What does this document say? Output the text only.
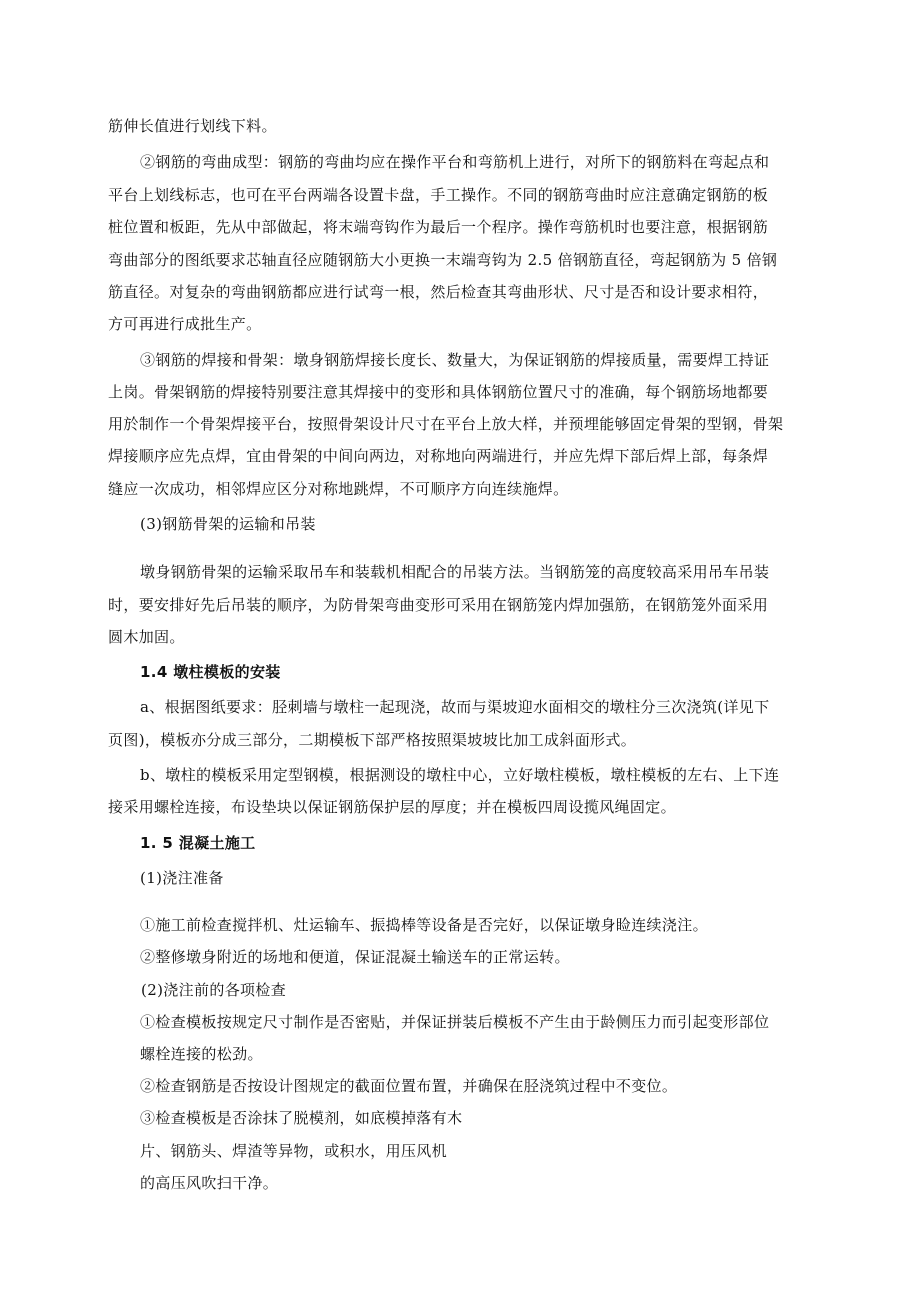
筋伸长值进行划线下料。
②钢筋的弯曲成型：钢筋的弯曲均应在操作平台和弯筋机上进行，对所下的钢筋料在弯起点和
平台上划线标志，也可在平台两端各设置卡盘，手工操作。不同的钢筋弯曲时应注意确定钢筋的板
桩位置和板距，先从中部做起，将末端弯钩作为最后一个程序。操作弯筋机时也要注意，根据钢筋
弯曲部分的图纸要求芯轴直径应随钢筋大小更换一末端弯钩为 2.5 倍钢筋直径，弯起钢筋为 5 倍钢
筋直径。对复杂的弯曲钢筋都应进行试弯一根，然后检查其弯曲形状、尺寸是否和设计要求相符，
方可再进行成批生产。
③钢筋的焊接和骨架：墩身钢筋焊接长度长、数量大，为保证钢筋的焊接质量，需要焊工持证
上岗。骨架钢筋的焊接特别要注意其焊接中的变形和具体钢筋位置尺寸的准确，每个钢筋场地都要
用於制作一个骨架焊接平台，按照骨架设计尺寸在平台上放大样，并预埋能够固定骨架的型钢，骨架
焊接顺序应先点焊，宜由骨架的中间向两边，对称地向两端进行，并应先焊下部后焊上部，每条焊
缝应一次成功，相邻焊应区分对称地跳焊，不可顺序方向连续施焊。
(3)钢筋骨架的运输和吊装
墩身钢筋骨架的运输采取吊车和装载机相配合的吊装方法。当钢筋笼的高度较高采用吊车吊装
时，要安排好先后吊装的顺序，为防骨架弯曲变形可采用在钢筋笼内焊加强筋，在钢筋笼外面采用
圆木加固。
1.4 墩柱模板的安装
a、根据图纸要求：胫刺墙与墩柱一起现浇，故而与渠坡迎水面相交的墩柱分三次浇筑(详见下
页图)，模板亦分成三部分，二期模板下部严格按照渠坡坡比加工成斜面形式。
b、墩柱的模板采用定型钢模，根据测设的墩柱中心，立好墩柱模板，墩柱模板的左右、上下连
接采用螺栓连接，布设垫块以保证钢筋保护层的厚度；并在模板四周设揽风绳固定。
1. 5 混凝土施工
(1)浇注准备
①施工前检查搅拌机、灶运输车、振捣棒等设备是否完好，以保证墩身睑连续浇注。
②整修墩身附近的场地和便道，保证混凝土输送车的正常运转。
(2)浇注前的各项检查
①检查模板按规定尺寸制作是否密贴，并保证拼装后模板不产生由于龄侧压力而引起变形部位
螺栓连接的松劲。
②检查钢筋是否按设计图规定的截面位置布置，并确保在胫浇筑过程中不变位。
③检查模板是否涂抹了脱模剂，如底模掉落有木
片、钢筋头、焊渣等异物，或积水，用压风机
的高压风吹扫干净。
